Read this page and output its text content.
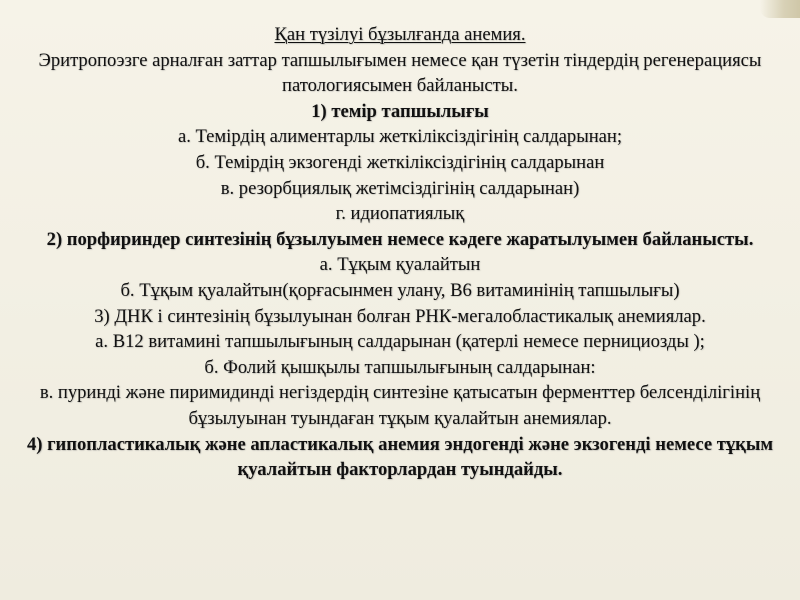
Қан түзілуі бұзылғанда анемия.

Эритропоэзге арналған заттар тапшылығымен немесе қан түзетін тіндердің регенерациясы патологиясымен байланысты.

1) темір тапшылығы

а. Темірдің алиментарлы жеткіліксіздігінің салдарынан;

б. Темірдің экзогенді жеткіліксіздігінің салдарынан

в. резорбциялық жетімсіздігінің салдарынан)

г. идиопатиялық

2) порфириндер синтезінің бұзылуымен немесе кәдеге жаратылуымен байланысты.

а. Тұқым қуалайтын

б. Тұқым қуалайтын(қорғасынмен улану, В6 витаминінің тапшылығы)

3) ДНК і синтезінің бұзылуынан болған РНК-мегалобластикалық анемиялар.

а. В12 витамині тапшылығының салдарынан (қатерлі немесе пернициозды );

б. Фолий қышқылы тапшылығының салдарынан:

в. пуринді және пиримидинді негіздердің синтезіне қатысатын ферменттер белсенділігінің бұзылуынан туындаған тұқым қуалайтын анемиялар.

4) гипопластикалық және апластикалық анемия эндогенді және экзогенді немесе тұқым қуалайтын факторлардан туындайды.
